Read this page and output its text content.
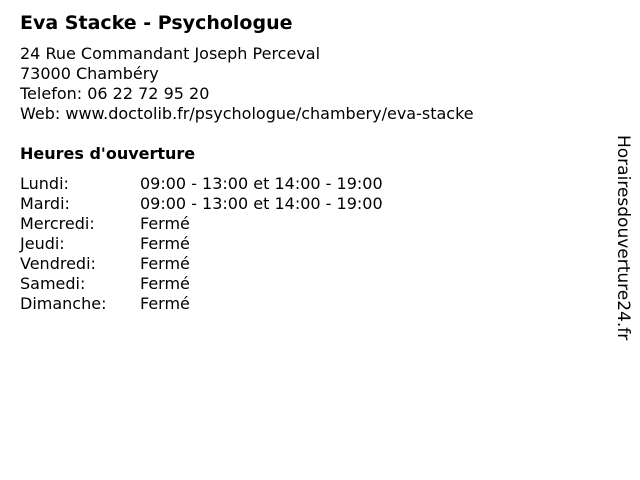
Eva Stacke - Psychologue
24 Rue Commandant Joseph Perceval
73000 Chambéry
Telefon: 06 22 72 95 20
Web: www.doctolib.fr/psychologue/chambery/eva-stacke
Heures d'ouverture
Lundi:	09:00 - 13:00 et 14:00 - 19:00
Mardi:	09:00 - 13:00 et 14:00 - 19:00
Mercredi:	Fermé
Jeudi:	Fermé
Vendredi:	Fermé
Samedi:	Fermé
Dimanche: Fermé	Horairesdouverture24.fr
